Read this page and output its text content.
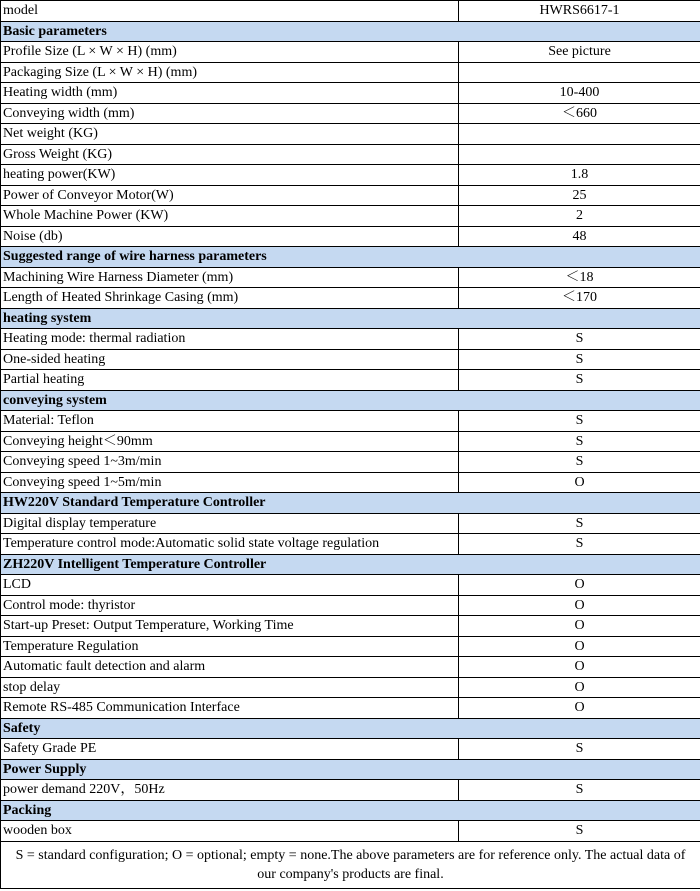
model	HWRS6617-1
Basic parameters	
Profile Size (L × W × H) (mm)	See picture
Packaging Size (L × W × H) (mm)	
Heating width (mm)	10-400
Conveying width (mm)	＜660
Net weight (KG)	
Gross Weight (KG)	
heating power(KW)	1.8
Power of Conveyor Motor(W)	25
Whole Machine Power (KW)	2
Noise (db)	48
Suggested range of wire harness parameters	
Machining Wire Harness Diameter (mm)	＜18
Length of Heated Shrinkage Casing (mm)	＜170
heating system	
Heating mode: thermal radiation	S
One-sided heating	S
Partial heating	S
conveying system	
Material: Teflon	S
Conveying height＜90mm	S
Conveying speed 1~3m/min	S
Conveying speed 1~5m/min	O
HW220V Standard Temperature Controller	
Digital display temperature	S
Temperature control mode:Automatic solid state voltage regulation	S
ZH220V Intelligent Temperature Controller	
LCD	O
Control mode: thyristor	O
Start-up Preset: Output Temperature, Working Time	O
Temperature Regulation	O
Automatic fault detection and alarm	O
stop delay	O
Remote RS-485 Communication Interface	O
Safety	
Safety Grade PE	S
Power Supply	
power demand 220V，50Hz	S
Packing	
wooden box	S
S = standard configuration; O = optional; empty = none.The above parameters are for reference only. The actual data of our company's products are final.	
